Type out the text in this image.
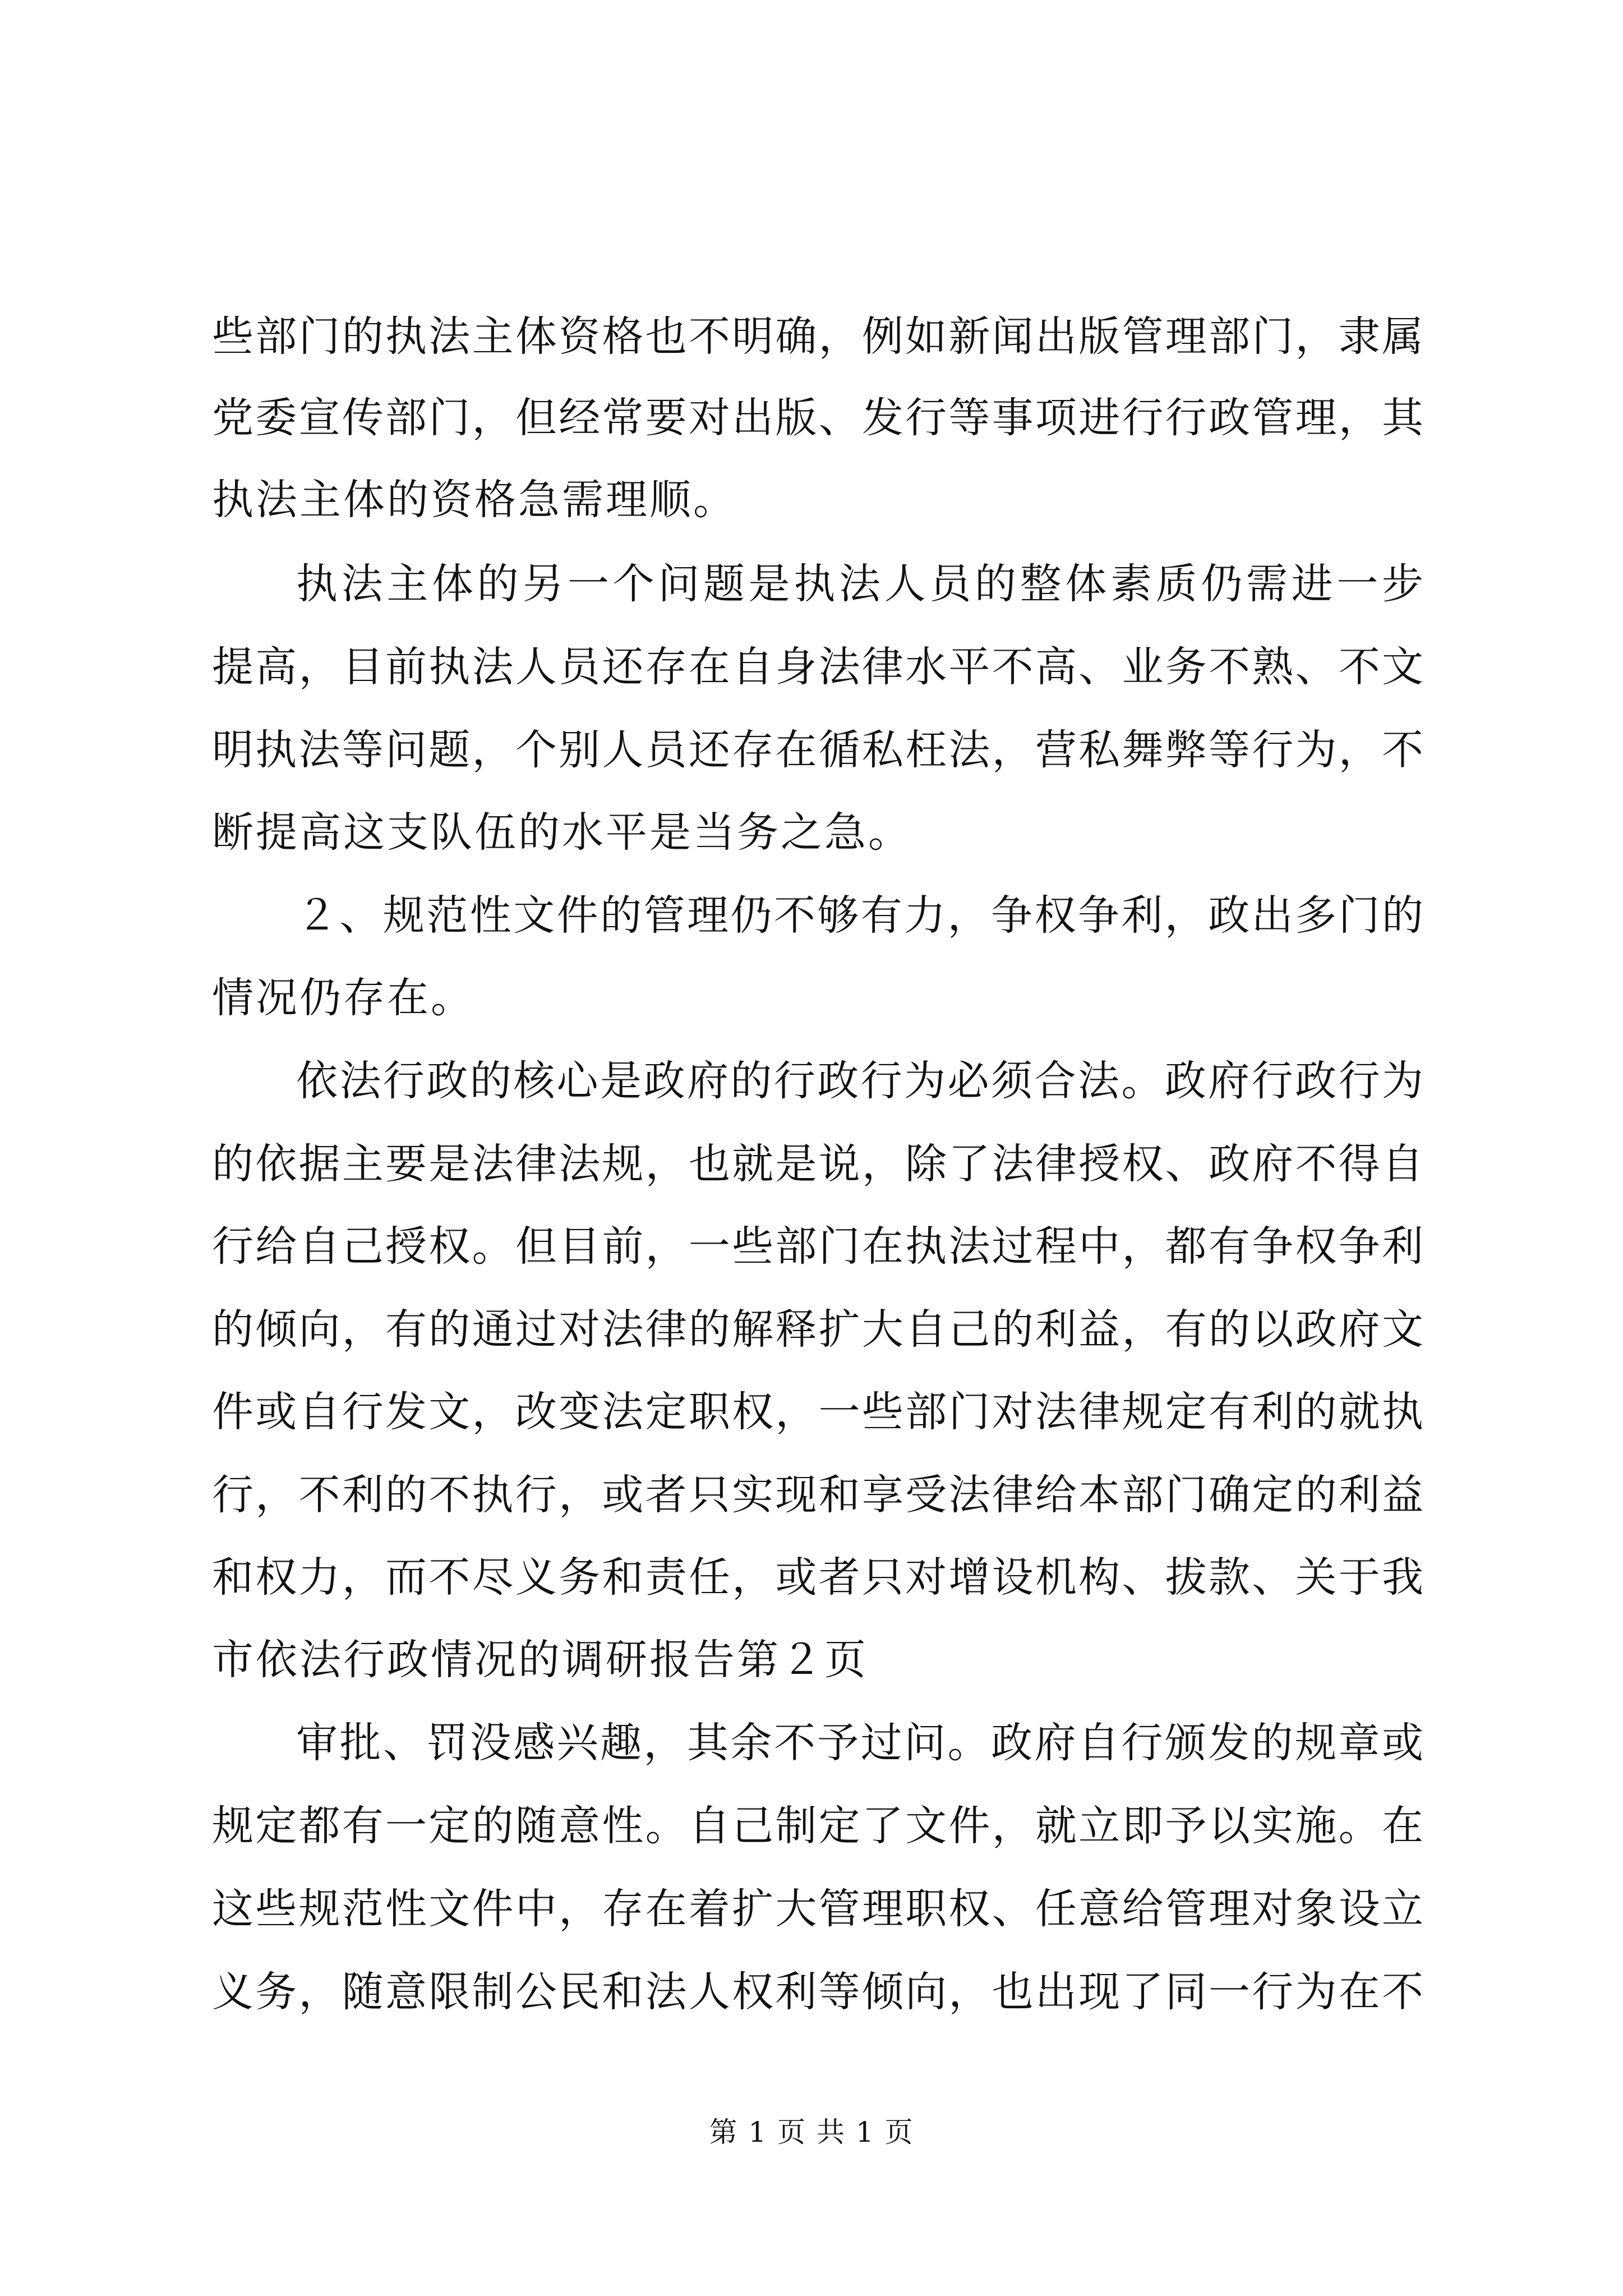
些部门的执法主体资格也不明确，例如新闻出版管理部门，隶属
党委宣传部门，但经常要对出版、发行等事项进行行政管理，其
执法主体的资格急需理顺。
执法主体的另一个问题是执法人员的整体素质仍需进一步
提高，目前执法人员还存在自身法律水平不高、业务不熟、不文
明执法等问题，个别人员还存在循私枉法，营私舞弊等行为，不
断提高这支队伍的水平是当务之急。
２、规范性文件的管理仍不够有力，争权争利，政出多门的
情况仍存在。
依法行政的核心是政府的行政行为必须合法。政府行政行为
的依据主要是法律法规，也就是说，除了法律授权、政府不得自
行给自己授权。但目前，一些部门在执法过程中，都有争权争利
的倾向，有的通过对法律的解释扩大自己的利益，有的以政府文
件或自行发文，改变法定职权，一些部门对法律规定有利的就执
行，不利的不执行，或者只实现和享受法律给本部门确定的利益
和权力，而不尽义务和责任，或者只对增设机构、拔款、关于我
市依法行政情况的调研报告第２页
审批、罚没感兴趣，其余不予过问。政府自行颁发的规章或
规定都有一定的随意性。自己制定了文件，就立即予以实施。在
这些规范性文件中，存在着扩大管理职权、任意给管理对象设立
义务，随意限制公民和法人权利等倾向，也出现了同一行为在不
第 1 页 共 1 页
